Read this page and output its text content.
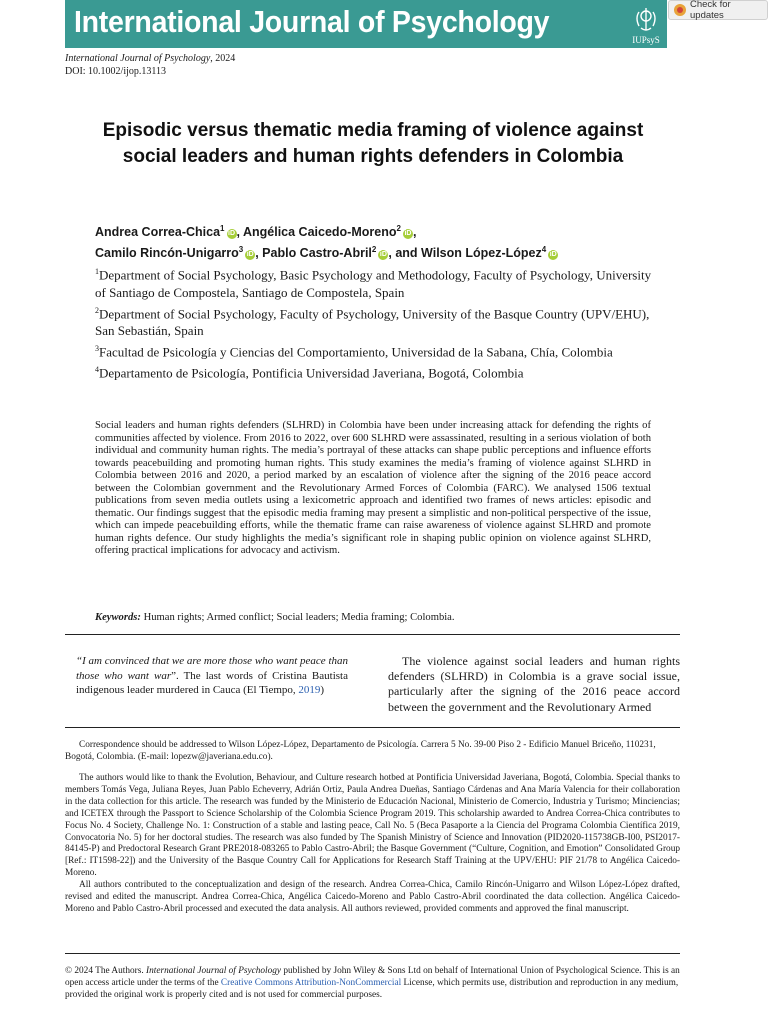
International Journal of Psychology
IUPsyS
Check for updates
International Journal of Psychology, 2024
DOI: 10.1002/ijop.13113
Episodic versus thematic media framing of violence against social leaders and human rights defenders in Colombia
Andrea Correa-Chica$^1$iD , Angélica Caicedo-Moreno$^2$iD ,
Camilo Rincón-Unigarro$^3$iD , Pablo Castro-Abril$^2$iD , and Wilson López-López$^4$iD

$^1$Department of Social Psychology, Basic Psychology and Methodology, Faculty of Psychology, University of Santiago de Compostela, Santiago de Compostela, Spain

$^2$Department of Social Psychology, Faculty of Psychology, University of the Basque Country (UPV/EHU), San Sebastián, Spain

$^3$Facultad de Psicología y Ciencias del Comportamiento, Universidad de la Sabana, Chía, Colombia

$^4$Departamento de Psicología, Pontificia Universidad Javeriana, Bogotá, Colombia

Social leaders and human rights defenders (SLHRD) in Colombia have been under increasing attack for defending the rights of communities affected by violence. From 2016 to 2022, over 600 SLHRD were assassinated, resulting in a serious violation of both individual and community human rights. The media’s portrayal of these attacks can shape public perceptions and influence efforts towards peacebuilding and promoting human rights. This study examines the media’s framing of violence against SLHRD in Colombia between 2016 and 2020, a period marked by an escalation of violence after the signing of the 2016 peace accord between the Colombian government and the Revolutionary Armed Forces of Colombia (FARC). We analysed 1506 textual publications from seven media outlets using a lexicometric approach and identified two frames of news articles: episodic and thematic. Our findings suggest that the episodic media framing may present a simplistic and non-political perspective of the issue, which can impede peacebuilding efforts, while the thematic frame can raise awareness of violence against SLHRD and promote human rights defence. Our study highlights the media’s significant role in shaping public opinion on violence against SLHRD, offering practical implications for advocacy and activism.
Keywords: Human rights; Armed conflict; Social leaders; Media framing; Colombia.
“I am convinced that we are more those who want peace than those who want war”. The last words of Cristina Bautista indigenous leader murdered in Cauca (El Tiempo, 2019)
The violence against social leaders and human rights defenders (SLHRD) in Colombia is a grave social issue, particularly after the signing of the 2016 peace accord between the government and the Revolutionary Armed
Correspondence should be addressed to Wilson López-López, Departamento de Psicología. Carrera 5 No. 39-00 Piso 2 - Edificio Manuel Briceño, 110231, Bogotá, Colombia. (E-mail: lopezw@javeriana.edu.co).

The authors would like to thank the Evolution, Behaviour, and Culture research hotbed at Pontificia Universidad Javeriana, Bogotá, Colombia. Special thanks to members Tomás Vega, Juliana Reyes, Juan Pablo Echeverry, Adrián Ortiz, Paula Andrea Dueñas, Santiago Cárdenas and Ana María Valencia for their collaboration in the data collection for this article. The research was funded by the Ministerio de Educación Nacional, Ministerio de Comercio, Industria y Turismo; Minciencias; and ICETEX through the Passport to Science Scholarship of the Colombia Science Program 2019. This scholarship awarded to Andrea Correa-Chica contributes to Focus No. 4 Society, Challenge No. 1: Construction of a stable and lasting peace, Call No. 5 (Beca Pasaporte a la Ciencia del Programa Colombia Científica 2019, Convocatoria No. 5) for her doctoral studies. The research was also funded by The Spanish Ministry of Science and Innovation (PID2020-115738GB-I00, PSI2017-84145-P) and Predoctoral Research Grant PRE2018-083265 to Pablo Castro-Abril; the Basque Government (“Culture, Cognition, and Emotion” Consolidated Group [Ref.: IT1598-22]) and the University of the Basque Country Call for Applications for Research Staff Training at the UPV/EHU: PIF 21/78 to Angélica Caicedo-Moreno.

All authors contributed to the conceptualization and design of the research. Andrea Correa-Chica, Camilo Rincón-Unigarro and Wilson López-López drafted, revised and edited the manuscript. Andrea Correa-Chica, Angélica Caicedo-Moreno and Pablo Castro-Abril coordinated the data collection. Angélica Caicedo-Moreno and Pablo Castro-Abril processed and executed the data analysis. All authors reviewed, provided comments and approved the final manuscript.

© 2024 The Authors. International Journal of Psychology published by John Wiley & Sons Ltd on behalf of International Union of Psychological Science. This is an open access article under the terms of the Creative Commons Attribution-NonCommercial License, which permits use, distribution and reproduction in any medium, provided the original work is properly cited and is not used for commercial purposes.
